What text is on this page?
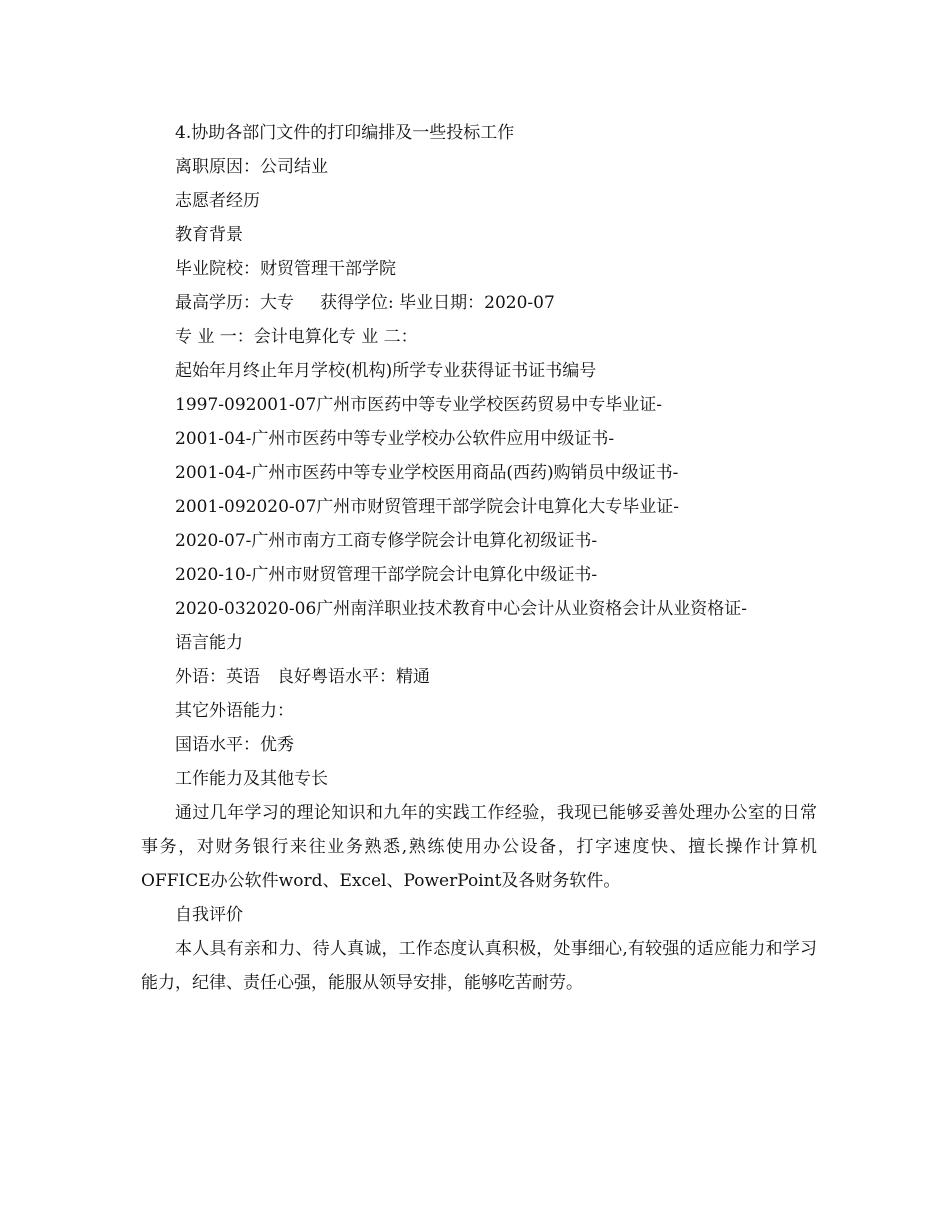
4.协助各部门文件的打印编排及一些投标工作
离职原因：公司结业
志愿者经历
教育背景
毕业院校：财贸管理干部学院
最高学历：大专 获得学位: 毕业日期：2020-07
专 业 一：会计电算化专 业 二：
起始年月终止年月学校(机构)所学专业获得证书证书编号
1997-092001-07广州市医药中等专业学校医药贸易中专毕业证-
2001-04-广州市医药中等专业学校办公软件应用中级证书-
2001-04-广州市医药中等专业学校医用商品(西药)购销员中级证书-
2001-092020-07广州市财贸管理干部学院会计电算化大专毕业证-
2020-07-广州市南方工商专修学院会计电算化初级证书-
2020-10-广州市财贸管理干部学院会计电算化中级证书-
2020-032020-06广州南洋职业技术教育中心会计从业资格会计从业资格证-
语言能力
外语：英语 良好粤语水平：精通
其它外语能力：
国语水平：优秀
工作能力及其他专长
通过几年学习的理论知识和九年的实践工作经验，我现已能够妥善处理办公室的日常事务，对财务银行来往业务熟悉,熟练使用办公设备，打字速度快、擅长操作计算机OFFICE办公软件word、Excel、PowerPoint及各财务软件。
自我评价
本人具有亲和力、待人真诚，工作态度认真积极，处事细心,有较强的适应能力和学习能力，纪律、责任心强，能服从领导安排，能够吃苦耐劳。
